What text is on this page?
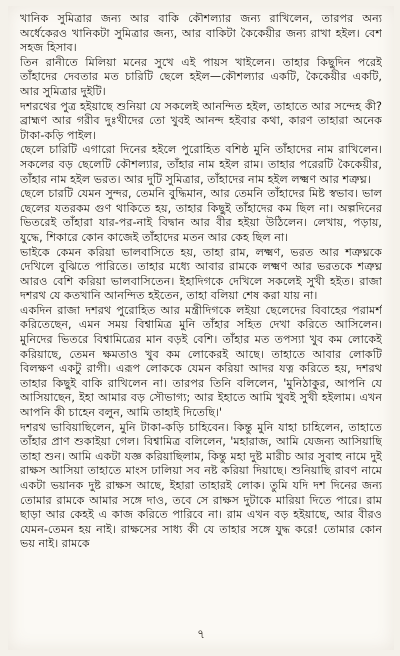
খানিক সুমিত্রার জন্য আর বাকি কৌশল্যার জন্য রাখিলেন, তারপর অন্য অর্ধেকেরও খানিকটা সুমিত্রার জন্য, আর বাকিটা কৈকেয়ীর জন্য রাখা হইল। বেশ সহজ হিসাব।

তিন রানীতে মিলিয়া মনের সুখে এই পায়স খাইলেন। তাহার কিছুদিন পরেই তাঁহাদের দেবতার মত চারিটি ছেলে হইল—কৌশল্যার একটি, কৈকেয়ীর একটি, আর সুমিত্রার দুইটি।

দশরথের পুত্র হইয়াছে শুনিয়া যে সকলেই আনন্দিত হইল, তাহাতে আর সন্দেহ কী? ব্রাহ্মণ আর গরীব দুঃখীদের তো খুবই আনন্দ হইবার কথা, কারণ তাহারা অনেক টাকা-কড়ি পাইল।

ছেলে চারিটি এগারো দিনের হইলে পুরোহিত বশিষ্ঠ মুনি তাঁহাদের নাম রাখিলেন। সকলের বড় ছেলেটি কৌশল্যার, তাঁহার নাম হইল রাম। তাহার পরেরটি কৈকেয়ীর, তাঁহার নাম হইল ভরত। আর দুটি সুমিত্রার, তাঁহাদের নাম হইল লক্ষ্মণ আর শত্রুঘ্ন।

ছেলে চারটি যেমন সুন্দর, তেমনি বুদ্ধিমান, আর তেমনি তাঁহাদের মিষ্ট স্বভাব। ভাল ছেলের যতরকম গুণ থাকিতে হয়, তাহার কিছুই তাঁহাদের কম ছিল না। অল্পদিনের ভিতরেই তাঁহারা যার-পর-নাই বিদ্বান আর বীর হইয়া উঠিলেন। লেখায়, পড়ায়, যুদ্ধে, শিকারে কোন কাজেই তাঁহাদের মতন আর কেহ ছিল না।

ভাইকে কেমন করিয়া ভালবাসিতে হয়, তাহা রাম, লক্ষ্মণ, ভরত আর শত্রুঘ্নকে দেখিলে বুঝিতে পারিতে। তাহার মধ্যে আবার রামকে লক্ষ্মণ আর ভরতকে শত্রুঘ্ন আরও বেশি করিয়া ভালবাসিতেন। ইহাদিগকে দেখিলে সকলেই সুখী হইত। রাজা দশরথ যে কতখানি আনন্দিত হইতেন, তাহা বলিয়া শেষ করা যায় না।

একদিন রাজা দশরথ পুরোহিত আর মন্ত্রীদিগকে লইয়া ছেলেদের বিবাহের পরামর্শ করিতেছেন, এমন সময় বিশ্বামিত্র মুনি তাঁহার সহিত দেখা করিতে আসিলেন। মুনিদের ভিতরে বিশ্বামিত্রের মান বড়ই বেশি। তাঁহার মত তপস্যা খুব কম লোকেই করিয়াছে, তেমন ক্ষমতাও খুব কম লোকেরই আছে। তাহাতে আবার লোকটি বিলক্ষণ একটু রাগী। এরূপ লোককে যেমন করিয়া আদর যত্ন করিতে হয়, দশরথ তাহার কিছুই বাকি রাখিলেন না। তারপর তিনি বলিলেন, 'মুনিঠাকুর, আপনি যে আসিয়াছেন, ইহা আমার বড় সৌভাগ্য; আর ইহাতে আমি খুবই সুখী হইলাম। এখন আপনি কী চাহেন বলুন, আমি তাহাই দিতেছি।'

দশরথ ভাবিয়াছিলেন, মুনি টাকা-কড়ি চাহিবেন। কিন্তু মুনি যাহা চাহিলেন, তাহাতে তাঁহার প্রাণ শুকাইয়া গেল। বিশ্বামিত্র বলিলেন, 'মহারাজ, আমি যেজন্য আসিয়াছি তাহা শুন। আমি একটা যজ্ঞ করিয়াছিলাম, কিন্তু মহা দুষ্ট মারীচ আর সুবাহু নামে দুই রাক্ষস আসিয়া তাহাতে মাংস ঢালিয়া সব নষ্ট করিয়া দিয়াছে। শুনিয়াছি রাবণ নামে একটা ভয়ানক দুষ্ট রাক্ষস আছে, ইহারা তাহারই লোক। তুমি যদি দশ দিনের জন্য তোমার রামকে আমার সঙ্গে দাও, তবে সে রাক্ষস দুটাকে মারিয়া দিতে পারে। রাম ছাড়া আর কেহই এ কাজ করিতে পারিবে না। রাম এখন বড় হইয়াছে, আর বীরও যেমন-তেমন হয় নাই। রাক্ষসের সাধ্য কী যে তাহার সঙ্গে যুদ্ধ করে! তোমার কোন ভয় নাই। রামকে

৭
